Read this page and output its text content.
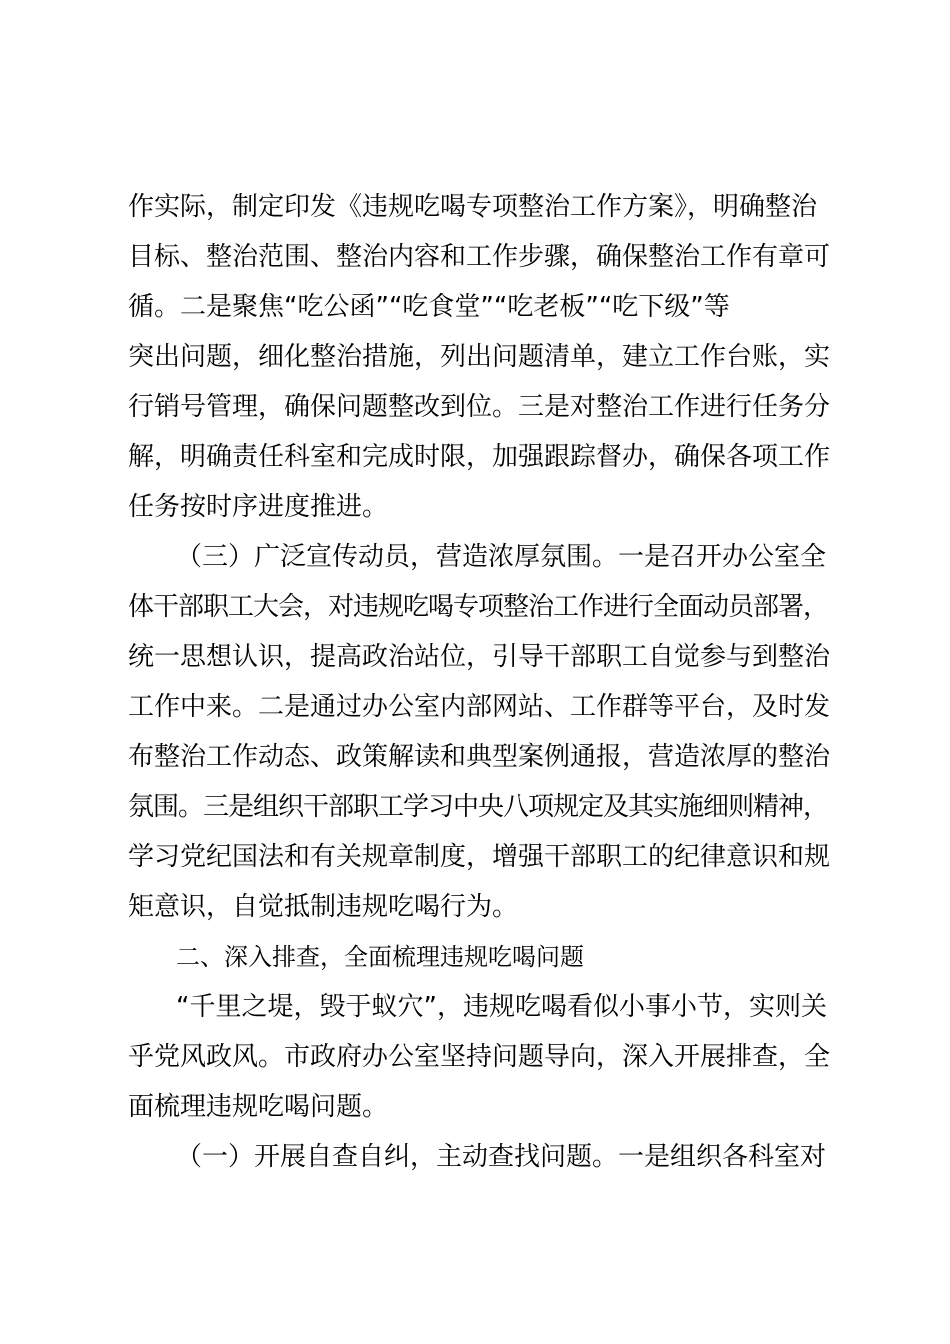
作实际，制定印发《违规吃喝专项整治工作方案》，明确整治
目标、整治范围、整治内容和工作步骤，确保整治工作有章可
循。二是聚焦“吃公函”“吃食堂”“吃老板”“吃下级”等
突出问题，细化整治措施，列出问题清单，建立工作台账，实
行销号管理，确保问题整改到位。三是对整治工作进行任务分
解，明确责任科室和完成时限，加强跟踪督办，确保各项工作
任务按时序进度推进。
（三）广泛宣传动员，营造浓厚氛围。一是召开办公室全
体干部职工大会，对违规吃喝专项整治工作进行全面动员部署，
统一思想认识，提高政治站位，引导干部职工自觉参与到整治
工作中来。二是通过办公室内部网站、工作群等平台，及时发
布整治工作动态、政策解读和典型案例通报，营造浓厚的整治
氛围。三是组织干部职工学习中央八项规定及其实施细则精神，
学习党纪国法和有关规章制度，增强干部职工的纪律意识和规
矩意识，自觉抵制违规吃喝行为。
二、深入排查，全面梳理违规吃喝问题
“千里之堤，毁于蚁穴”，违规吃喝看似小事小节，实则关
乎党风政风。市政府办公室坚持问题导向，深入开展排查，全
面梳理违规吃喝问题。
（一）开展自查自纠，主动查找问题。一是组织各科室对
